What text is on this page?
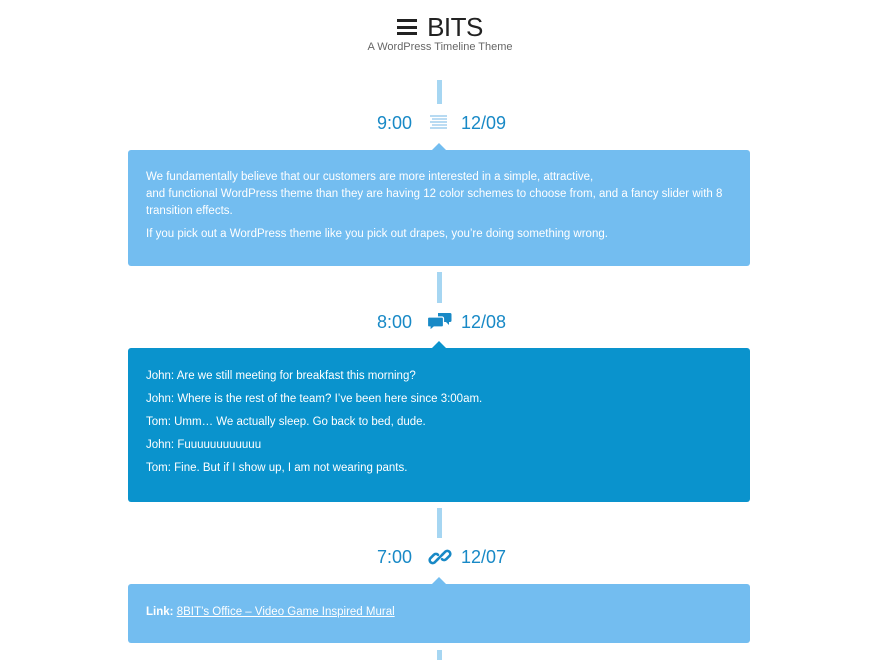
BITS
A WordPress Timeline Theme
9:00	12/09

We fundamentally believe that our customers are more interested in a simple, attractive,

and functional WordPress theme than they are having 12 color schemes to choose from, and a fancy slider with 8 transition effects.

If you pick out a WordPress theme like you pick out drapes, you’re doing something wrong.

8:00	12/08

John: Are we still meeting for breakfast this morning?

John: Where is the rest of the team? I’ve been here since 3:00am.

Tom: Umm… We actually sleep. Go back to bed, dude.

John: Fuuuuuuuuuuuu

Tom: Fine. But if I show up, I am not wearing pants.

7:00	12/07

Link: 8BIT’s Office – Video Game Inspired Mural
